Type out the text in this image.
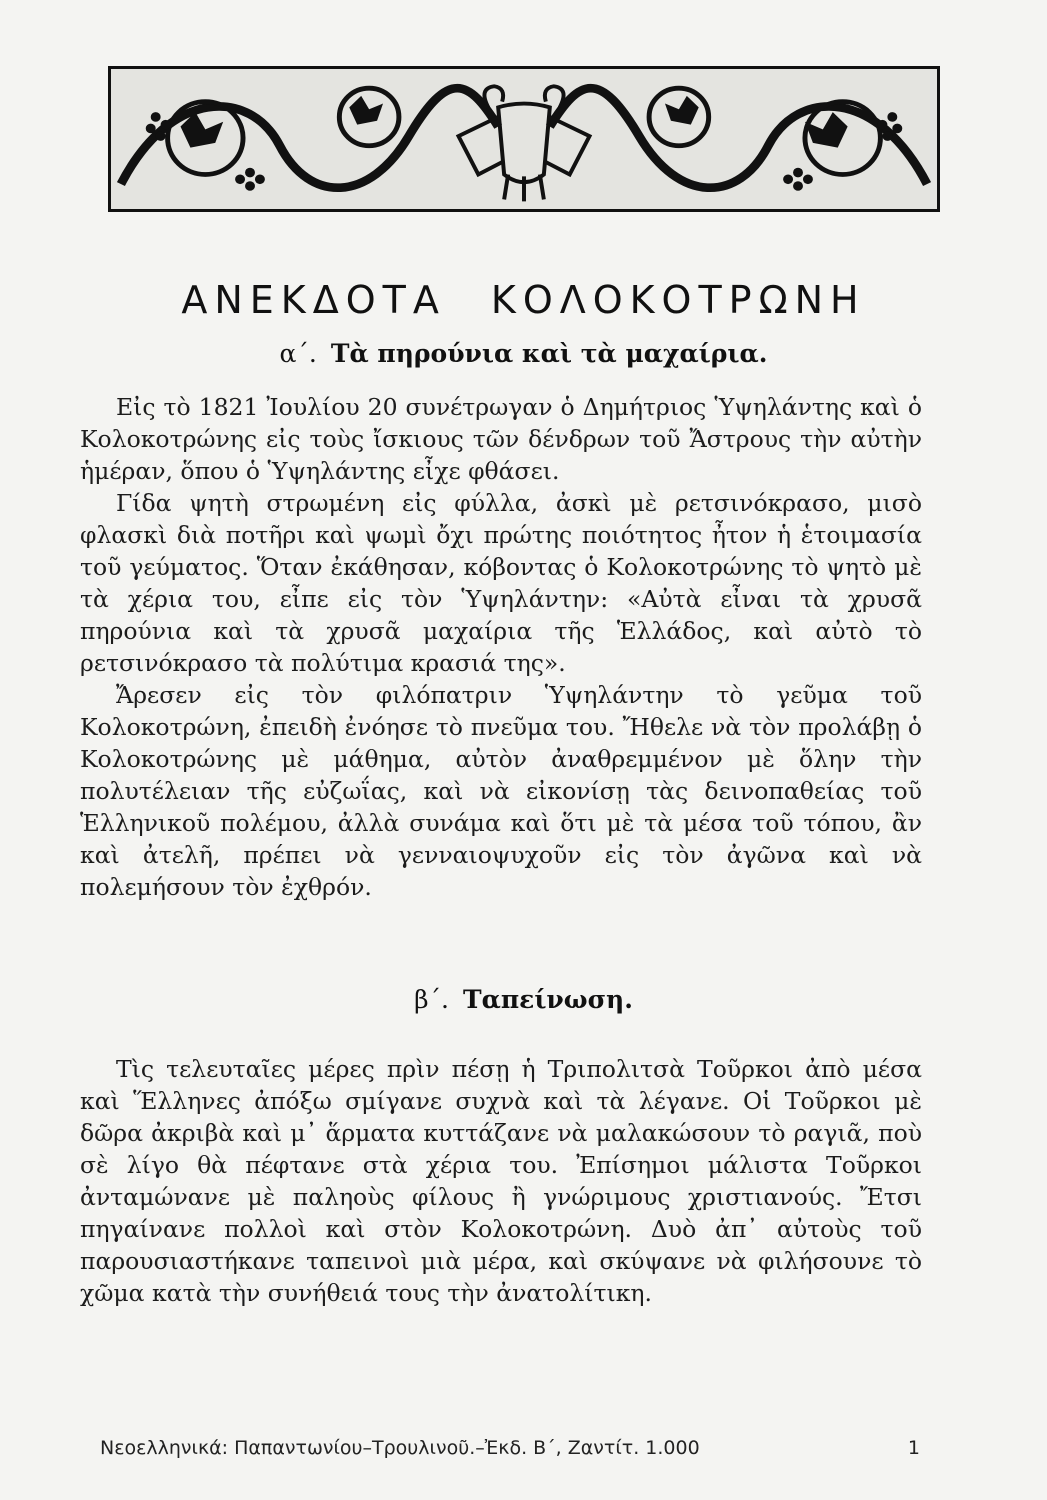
ΑΝΕΚΔΟΤΑ ΚΟΛΟΚΟΤΡΩΝΗ
α΄. Τὰ πηρούνια καὶ τὰ μαχαίρια.

Εἰς τὸ 1821 Ἰουλίου 20 συνέτρωγαν ὁ Δημήτριος Ὑψηλάντης καὶ ὁ Κολοκοτρώνης εἰς τοὺς ἴσκιους τῶν δένδρων τοῦ Ἄστρους τὴν αὐτὴν ἡμέραν, ὅπου ὁ Ὑψηλάντης εἶχε φθάσει.

Γίδα ψητὴ στρωμένη εἰς φύλλα, ἀσκὶ μὲ ρετσινόκρασο, μισὸ φλασκὶ διὰ ποτῆρι καὶ ψωμὶ ὄχι πρώτης ποιότητος ἦτον ἡ ἑτοιμασία τοῦ γεύματος. Ὅταν ἐκάθησαν, κόβοντας ὁ Κολοκοτρώνης τὸ ψητὸ μὲ τὰ χέρια του, εἶπε εἰς τὸν Ὑψηλάντην: «Αὐτὰ εἶναι τὰ χρυσᾶ πηρούνια καὶ τὰ χρυσᾶ μαχαίρια τῆς Ἑλλάδος, καὶ αὐτὸ τὸ ρετσινόκρασο τὰ πολύτιμα κρασιά της».

Ἄρεσεν εἰς τὸν φιλόπατριν Ὑψηλάντην τὸ γεῦμα τοῦ Κολοκοτρώνη, ἐπειδὴ ἐνόησε τὸ πνεῦμα του. Ἤθελε νὰ τὸν προλάβῃ ὁ Κολοκοτρώνης μὲ μάθημα, αὐτὸν ἀναθρεμμένον μὲ ὅλην τὴν πολυτέλειαν τῆς εὐζωΐας, καὶ νὰ εἰκονίσῃ τὰς δεινοπαθείας τοῦ Ἑλληνικοῦ πολέμου, ἀλλὰ συνάμα καὶ ὅτι μὲ τὰ μέσα τοῦ τόπου, ἂν καὶ ἀτελῆ, πρέπει νὰ γενναιοψυχοῦν εἰς τὸν ἀγῶνα καὶ νὰ πολεμήσουν τὸν ἐχθρόν.

β΄. Ταπείνωση.

Τὶς τελευταῖες μέρες πρὶν πέσῃ ἡ Τριπολιτσὰ Τοῦρκοι ἀπὸ μέσα καὶ Ἕλληνες ἀπόξω σμίγανε συχνὰ καὶ τὰ λέγανε. Οἱ Τοῦρκοι μὲ δῶρα ἀκριβὰ καὶ μ᾿ ἅρματα κυττάζανε νὰ μαλακώσουν τὸ ραγιᾶ, ποὺ σὲ λίγο θὰ πέφτανε στὰ χέρια του. Ἐπίσημοι μάλιστα Τοῦρκοι ἀνταμώνανε μὲ παληοὺς φίλους ἢ γνώριμους χριστιανούς. Ἔτσι πηγαίνανε πολλοὶ καὶ στὸν Κολοκοτρώνη. Δυὸ ἀπ᾿ αὐτοὺς τοῦ παρουσιαστήκανε ταπεινοὶ μιὰ μέρα, καὶ σκύψανε νὰ φιλήσουνε τὸ χῶμα κατὰ τὴν συνήθειά τους τὴν ἀνατολίτικη.

Νεοελληνικά: Παπαντωνίου–Τρουλινοῦ.–Ἐκδ. Β΄, Ζαντίτ. 1.000	1
